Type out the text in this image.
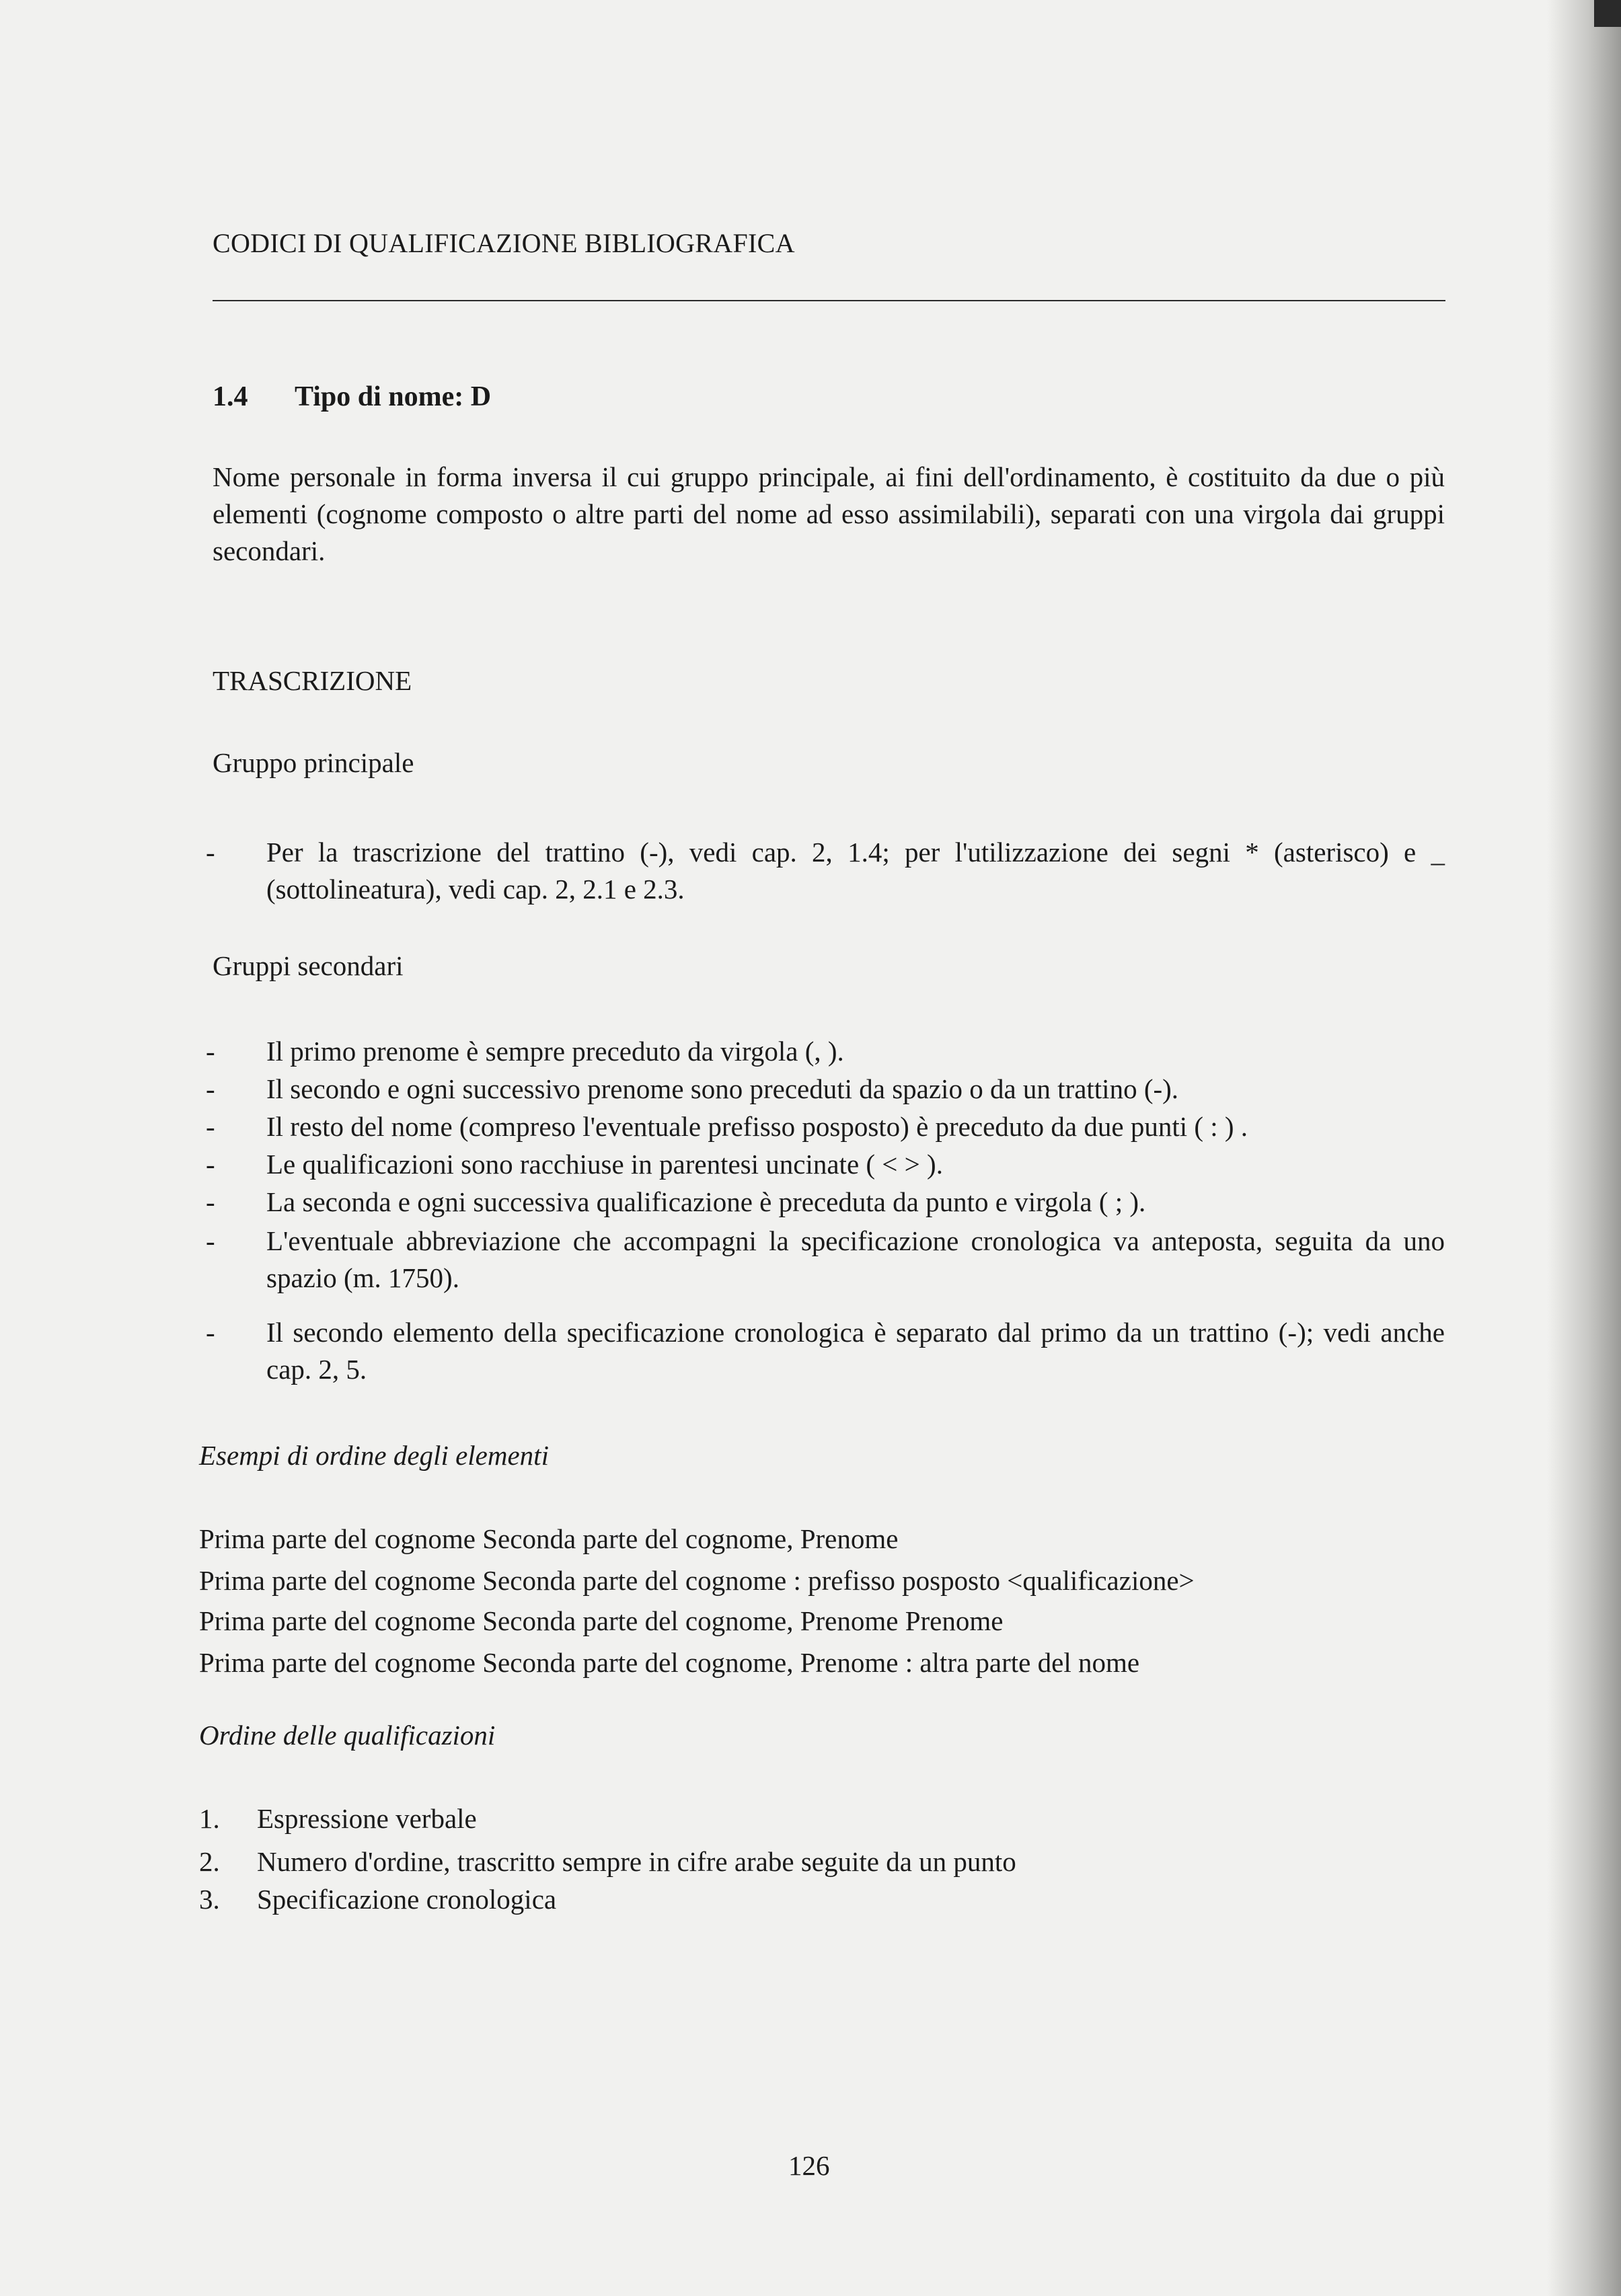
CODICI DI QUALIFICAZIONE BIBLIOGRAFICA
1.4 Tipo di nome: D
Nome personale in forma inversa il cui gruppo principale, ai fini dell'ordinamento, è costituito da due o più elementi (cognome composto o altre parti del nome ad esso assimilabili), separati con una virgola dai gruppi secondari.
TRASCRIZIONE
Gruppo principale
- Per la trascrizione del trattino (-), vedi cap. 2, 1.4; per l'utilizzazione dei segni * (asterisco) e _ (sottolineatura), vedi cap. 2, 2.1 e 2.3.
Gruppi secondari
- Il primo prenome è sempre preceduto da virgola (, ).
- Il secondo e ogni successivo prenome sono preceduti da spazio o da un trattino (-).
- Il resto del nome (compreso l'eventuale prefisso posposto) è preceduto da due punti ( : ) .
- Le qualificazioni sono racchiuse in parentesi uncinate ( < > ).
- La seconda e ogni successiva qualificazione è preceduta da punto e virgola ( ; ).
- L'eventuale abbreviazione che accompagni la specificazione cronologica va anteposta, seguita da uno spazio (m. 1750).
- Il secondo elemento della specificazione cronologica è separato dal primo da un trattino (-); vedi anche cap. 2, 5.
Esempi di ordine degli elementi
Prima parte del cognome Seconda parte del cognome, Prenome
Prima parte del cognome Seconda parte del cognome : prefisso posposto <qualificazione>
Prima parte del cognome Seconda parte del cognome, Prenome Prenome
Prima parte del cognome Seconda parte del cognome, Prenome : altra parte del nome
Ordine delle qualificazioni
1. Espressione verbale
2. Numero d'ordine, trascritto sempre in cifre arabe seguite da un punto
3. Specificazione cronologica
126
